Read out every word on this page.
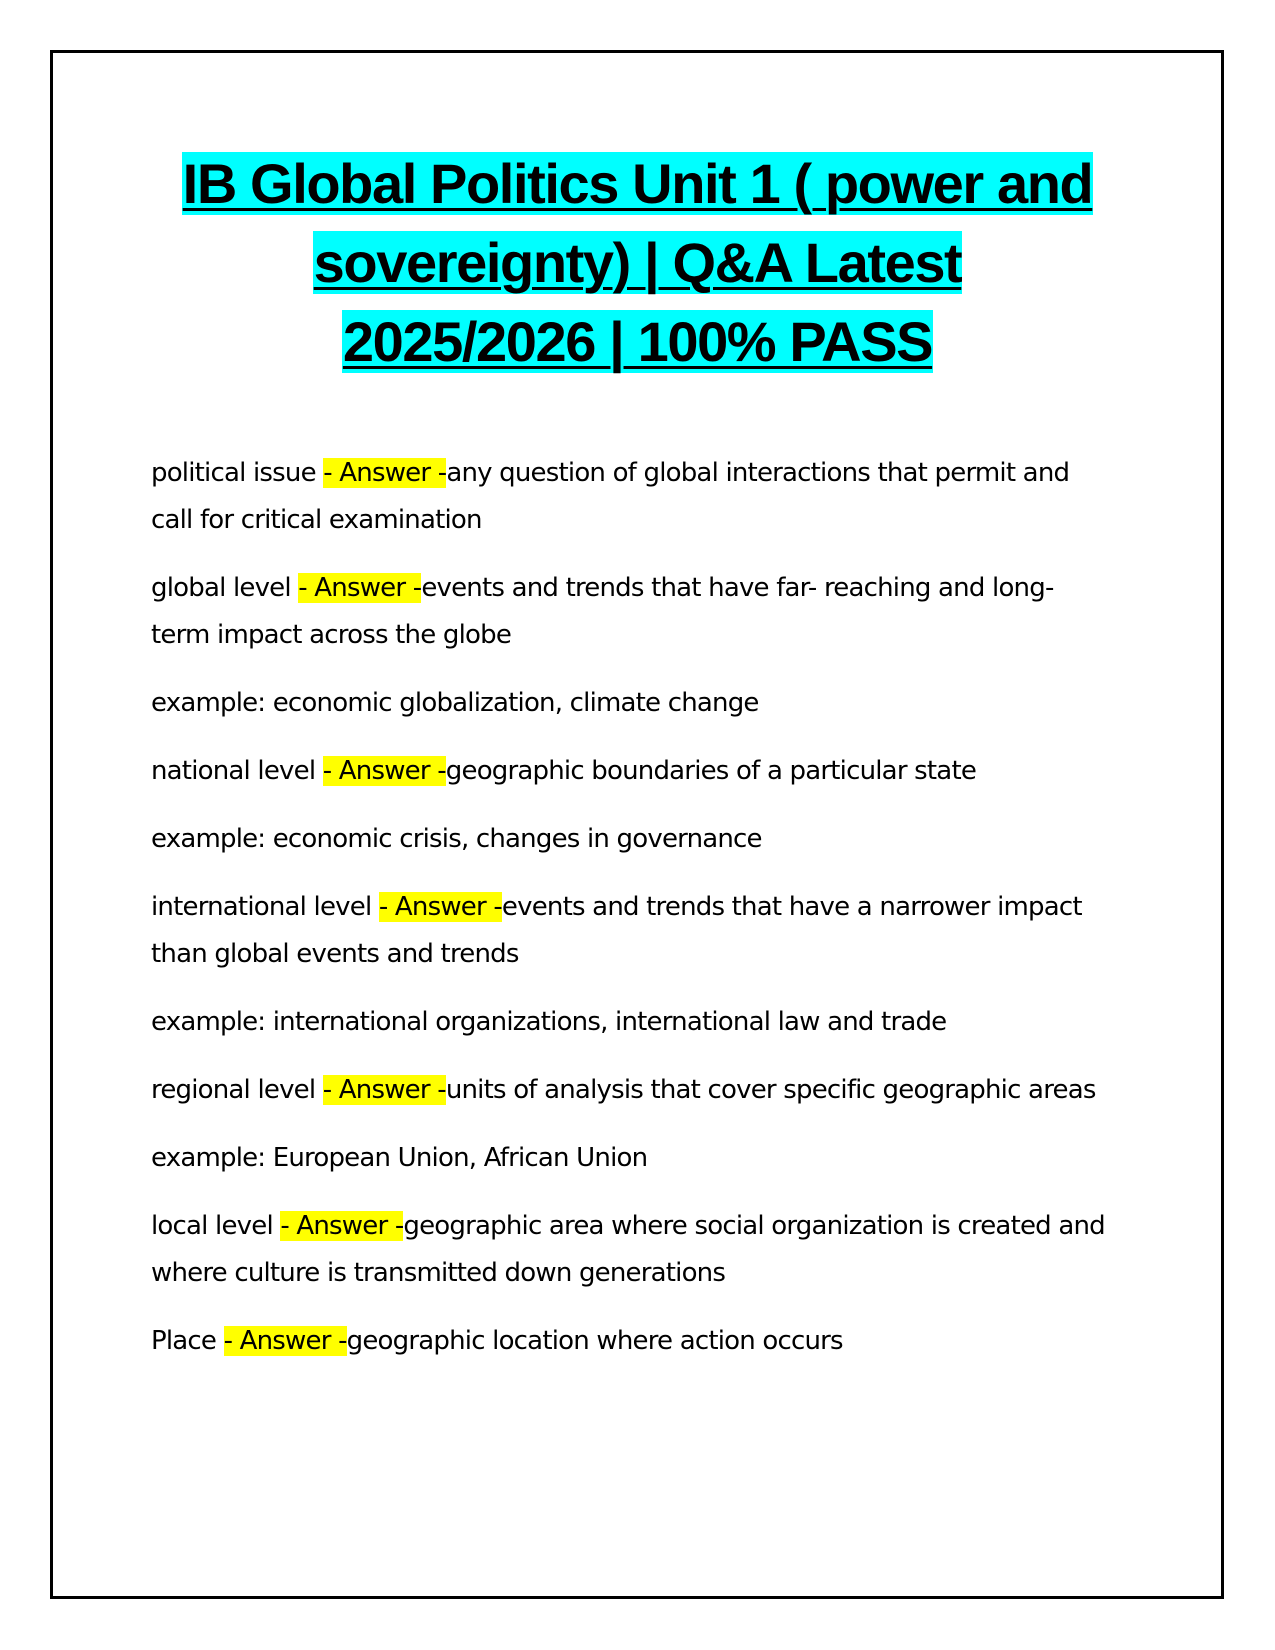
IB Global Politics Unit 1 ( power and
sovereignty) | Q&A Latest
2025/2026 | 100% PASS

political issue - Answer -any question of global interactions that permit and call for critical examination

global level - Answer -events and trends that have far- reaching and long- term impact across the globe

example: economic globalization, climate change

national level - Answer -geographic boundaries of a particular state

example: economic crisis, changes in governance

international level - Answer -events and trends that have a narrower impact than global events and trends

example: international organizations, international law and trade

regional level - Answer -units of analysis that cover specific geographic areas

example: European Union, African Union

local level - Answer -geographic area where social organization is created and where culture is transmitted down generations

Place - Answer -geographic location where action occurs
